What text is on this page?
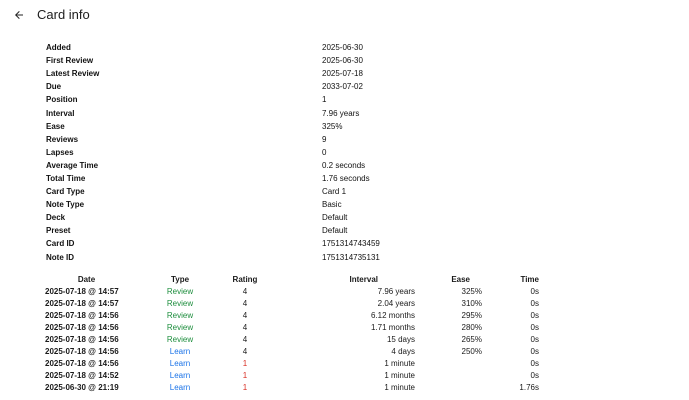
Card info
Added	2025-06-30
First Review	2025-06-30
Latest Review	2025-07-18
Due	2033-07-02
Position	1
Interval	7.96 years
Ease	325%
Reviews	9
Lapses	0
Average Time	0.2 seconds
Total Time	1.76 seconds
Card Type	Card 1
Note Type	Basic
Deck	Default
Preset	Default
Card ID	1751314743459
Note ID	1751314735131
Date	Type	Rating	Interval	Ease	Time
2025-07-18 @ 14:57	Review	4	7.96 years	325%	0s
2025-07-18 @ 14:57	Review	4	2.04 years	310%	0s
2025-07-18 @ 14:56	Review	4	6.12 months	295%	0s
2025-07-18 @ 14:56	Review	4	1.71 months	280%	0s
2025-07-18 @ 14:56	Review	4	15 days	265%	0s
2025-07-18 @ 14:56	Learn	4	4 days	250%	0s
2025-07-18 @ 14:56	Learn	1	1 minute		0s
2025-07-18 @ 14:52	Learn	1	1 minute		0s
2025-06-30 @ 21:19	Learn	1	1 minute		1.76s
